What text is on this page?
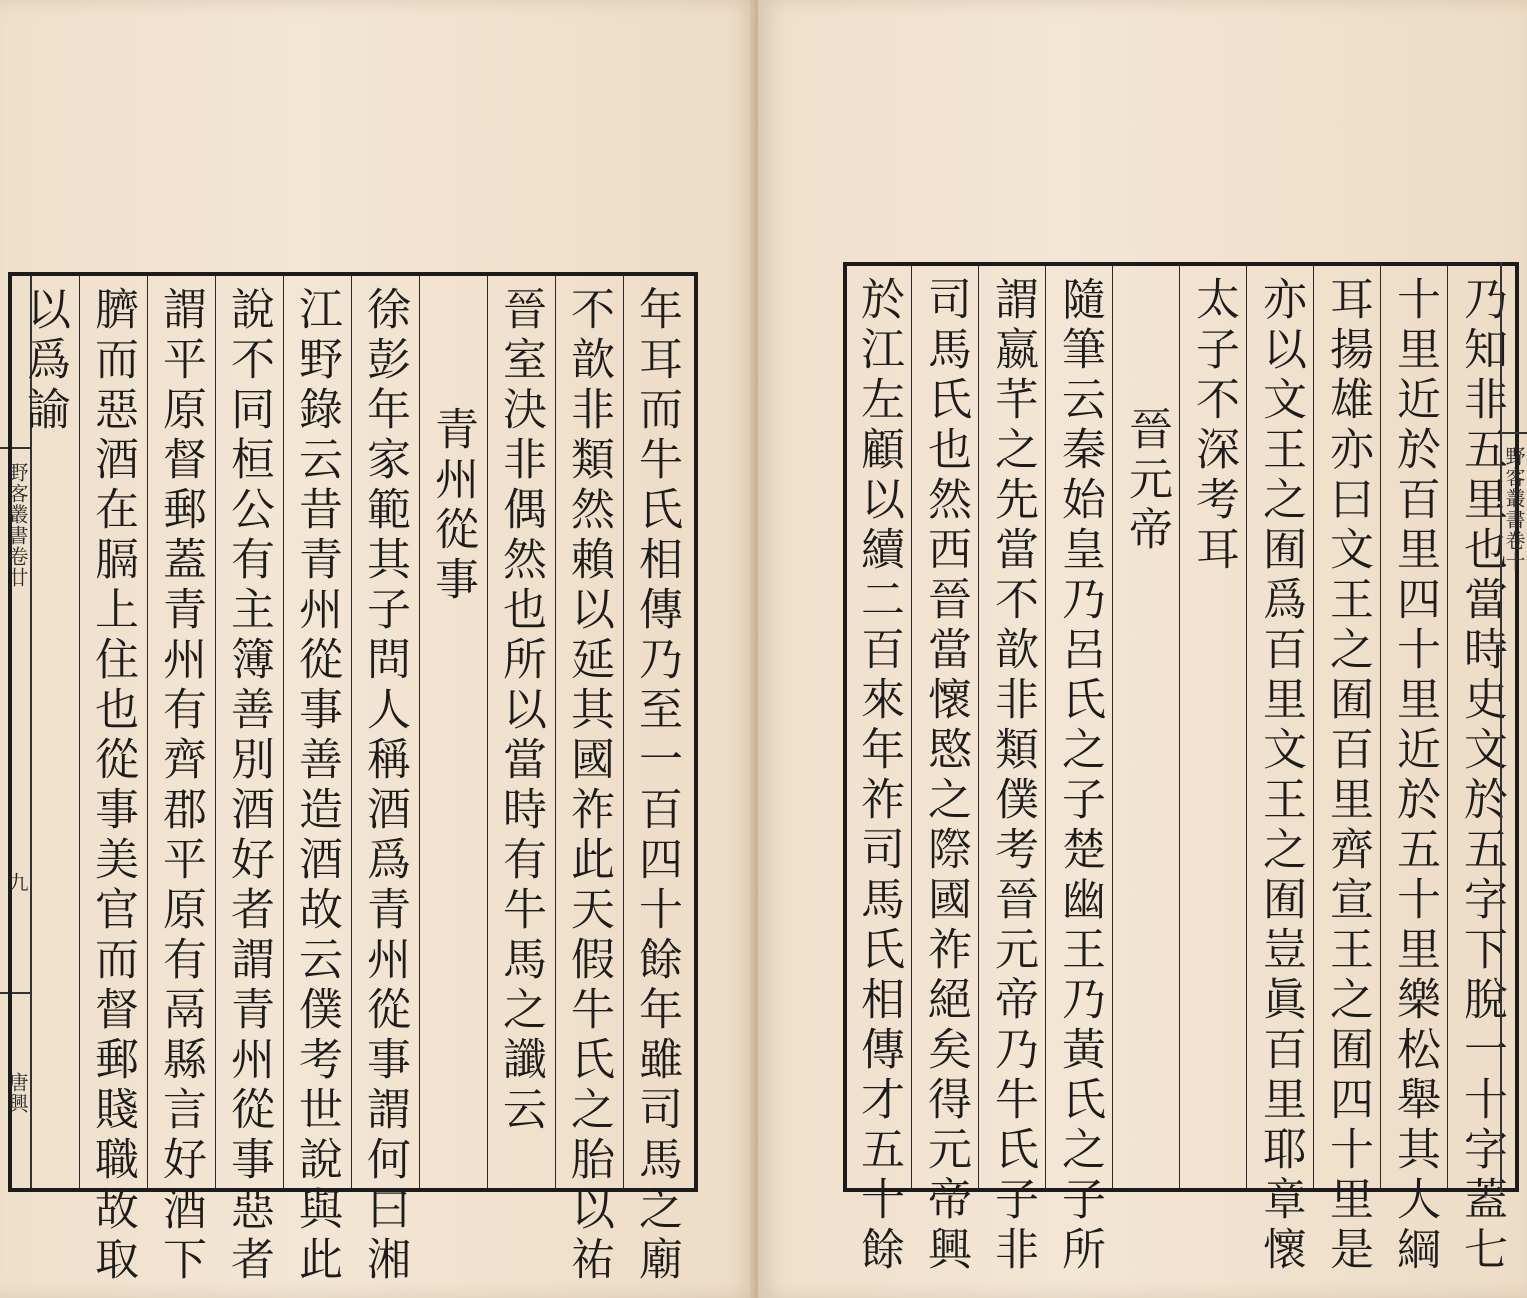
野客叢書卷廿
九
唐興	年耳而牛氏相傳乃至一百四十餘年雖司馬之廟
不歆非類然賴以延其國祚此天假牛氏之胎以祐
晉室決非偶然也所以當時有牛馬之讖云
青州從事
徐彭年家範其子問人稱酒爲青州從事謂何曰湘
江野錄云昔青州從事善造酒故云僕考世說與此
說不同桓公有主簿善別酒好者謂青州從事惡者
謂平原督郵蓋青州有齊郡平原有鬲縣言好酒下
臍而惡酒在膈上住也從事美官而督郵賤職故取
以爲諭	乃知非五里也當時史文於五字下脫一十字蓋七
十里近於百里四十里近於五十里樂松舉其大綱
耳揚雄亦曰文王之囿百里齊宣王之囿四十里是
亦以文王之囿爲百里文王之囿豈眞百里耶章懷
太子不深考耳
晉元帝
隨筆云秦始皇乃呂氏之子楚幽王乃黃氏之子所
謂嬴芊之先當不歆非類僕考晉元帝乃牛氏子非
司馬氏也然西晉當懷愍之際國祚絕矣得元帝興
於江左顧以續二百來年祚司馬氏相傳才五十餘	野客叢書卷十
